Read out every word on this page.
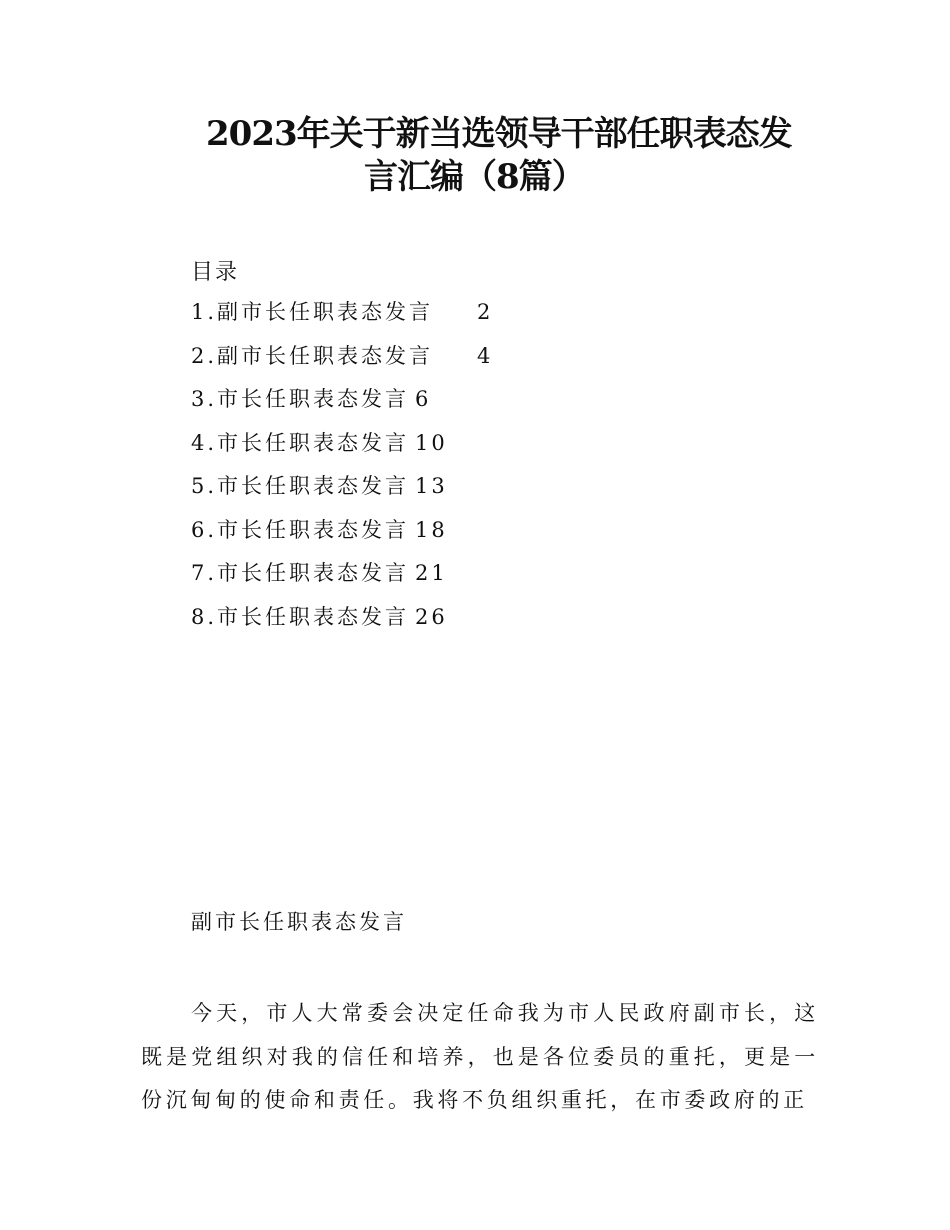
2023年关于新当选领导干部任职表态发
言汇编（8篇）
目录
1.副市长任职表态发言 2
2.副市长任职表态发言 4
3.市长任职表态发言 6
4.市长任职表态发言 10
5.市长任职表态发言 13
6.市长任职表态发言 18
7.市长任职表态发言 21
8.市长任职表态发言 26
副市长任职表态发言

今天，市人大常委会决定任命我为市人民政府副市长，这既是党组织对我的信任和培养，也是各位委员的重托，更是一份沉甸甸的使命和责任。我将不负组织重托，在市委政府的正
